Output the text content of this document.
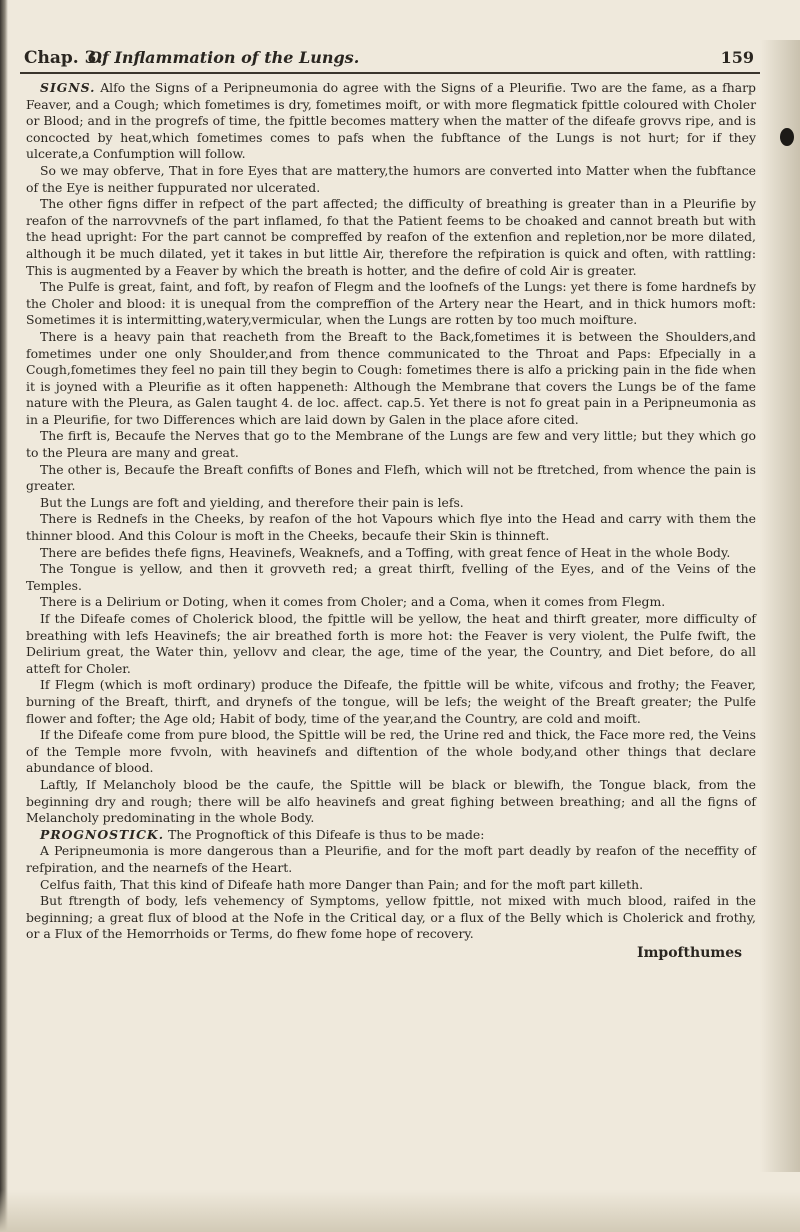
Chap. 3.
Of Inflammation of the Lungs.	159

SIGNS. Alfo the Signs of a Peripneumonia do agree with the Signs of a Pleurifie. Two are the fame, as a fharp Feaver, and a Cough; which fometimes is dry, fometimes moift, or with more flegmatick fpittle coloured with Choler or Blood; and in the progrefs of time, the fpittle becomes mattery when the matter of the difeafe grovvs ripe, and is concocted by heat,which fometimes comes to pafs when the fubftance of the Lungs is not hurt; for if they ulcerate,a Confumption will follow.

So we may obferve, That in fore Eyes that are mattery,the humors are converted into Matter when the fubftance of the Eye is neither fuppurated nor ulcerated.

The other figns differ in refpect of the part affected; the difficulty of breathing is greater than in a Pleurifie by reafon of the narrovvnefs of the part inflamed, fo that the Patient feems to be choaked and cannot breath but with the head upright: For the part cannot be compreffed by reafon of the extenfion and repletion,nor be more dilated, although it be much dilated, yet it takes in but little Air, therefore the refpiration is quick and often, with rattling: This is augmented by a Feaver by which the breath is hotter, and the defire of cold Air is greater.

The Pulfe is great, faint, and foft, by reafon of Flegm and the loofnefs of the Lungs: yet there is fome hardnefs by the Choler and blood: it is unequal from the compreffion of the Artery near the Heart, and in thick humors moft: Sometimes it is intermitting,watery,vermicular, when the Lungs are rotten by too much moifture.

There is a heavy pain that reacheth from the Breaft to the Back,fometimes it is between the Shoulders,and fometimes under one only Shoulder,and from thence communicated to the Throat and Paps: Efpecially in a Cough,fometimes they feel no pain till they begin to Cough: fometimes there is alfo a pricking pain in the fide when it is joyned with a Pleurifie as it often happeneth: Although the Membrane that covers the Lungs be of the fame nature with the Pleura, as Galen taught 4. de loc. affect. cap.5. Yet there is not fo great pain in a Peripneumonia as in a Pleurifie, for two Differences which are laid down by Galen in the place afore cited.

The firft is, Becaufe the Nerves that go to the Membrane of the Lungs are few and very little; but they which go to the Pleura are many and great.

The other is, Becaufe the Breaft confifts of Bones and Flefh, which will not be ftretched, from whence the pain is greater.

But the Lungs are foft and yielding, and therefore their pain is lefs.

There is Rednefs in the Cheeks, by reafon of the hot Vapours which flye into the Head and carry with them the thinner blood. And this Colour is moft in the Cheeks, becaufe their Skin is thinneft.

There are befides thefe figns, Heavinefs, Weaknefs, and a Toffing, with great fence of Heat in the whole Body.

The Tongue is yellow, and then it grovveth red; a great thirft, fvelling of the Eyes, and of the Veins of the Temples.

There is a Delirium or Doting, when it comes from Choler; and a Coma, when it comes from Flegm.

If the Difeafe comes of Cholerick blood, the fpittle will be yellow, the heat and thirft greater, more difficulty of breathing with lefs Heavinefs; the air breathed forth is more hot: the Feaver is very violent, the Pulfe fwift, the Delirium great, the Water thin, yellovv and clear, the age, time of the year, the Country, and Diet before, do all atteft for Choler.

If Flegm (which is moft ordinary) produce the Difeafe, the fpittle will be white, vifcous and frothy; the Feaver, burning of the Breaft, thirft, and drynefs of the tongue, will be lefs; the weight of the Breaft greater; the Pulfe flower and fofter; the Age old; Habit of body, time of the year,and the Country, are cold and moift.

If the Difeafe come from pure blood, the Spittle will be red, the Urine red and thick, the Face more red, the Veins of the Temple more fvvoln, with heavinefs and diftention of the whole body,and other things that declare abundance of blood.

Laftly, If Melancholy blood be the caufe, the Spittle will be black or blewifh, the Tongue black, from the beginning dry and rough; there will be alfo heavinefs and great fighing between breathing; and all the figns of Melancholy predominating in the whole Body.

PROGNOSTICK. The Prognoftick of this Difeafe is thus to be made:

A Peripneumonia is more dangerous than a Pleurifie, and for the moft part deadly by reafon of the neceffity of refpiration, and the nearnefs of the Heart.

Celfus faith, That this kind of Difeafe hath more Danger than Pain; and for the moft part killeth.

But ftrength of body, lefs vehemency of Symptoms, yellow fpittle, not mixed with much blood, raifed in the beginning; a great flux of blood at the Nofe in the Critical day, or a flux of the Belly which is Cholerick and frothy, or a Flux of the Hemorrhoids or Terms, do fhew fome hope of recovery.

Impofthumes
